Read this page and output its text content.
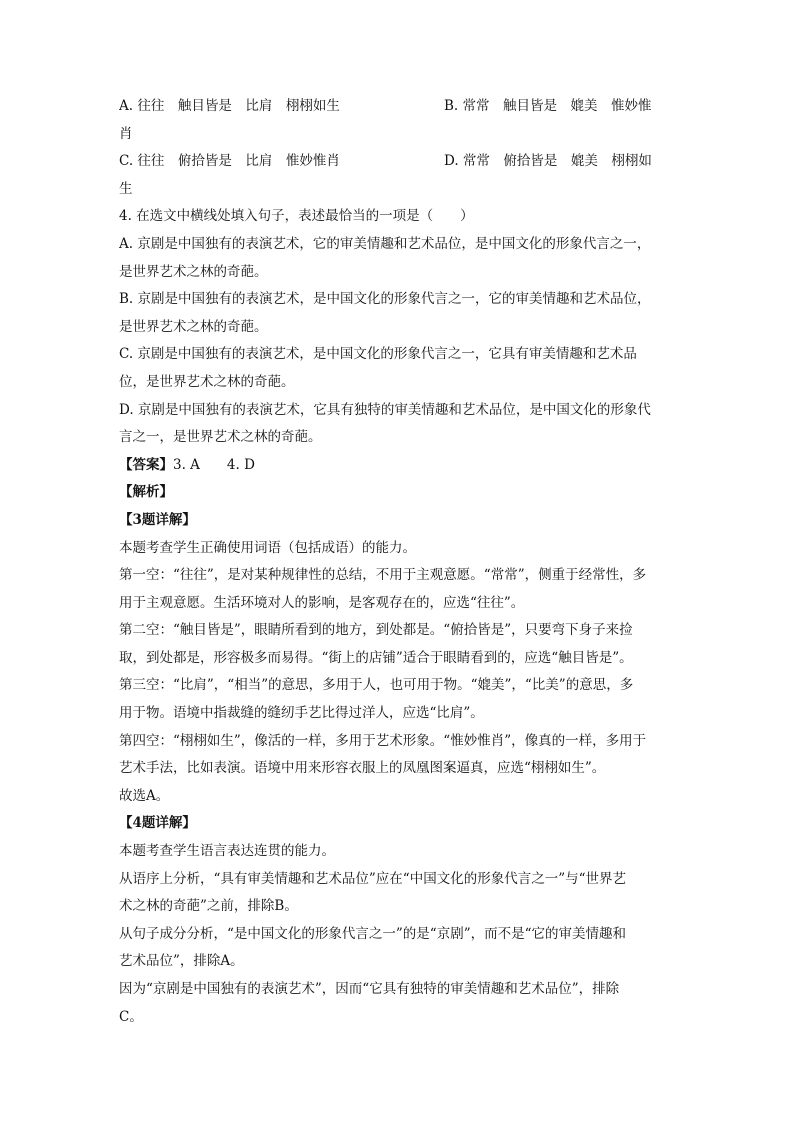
A. 往往　触目皆是　比肩　栩栩如生	B. 常常　触目皆是　媲美　惟妙惟
肖
C. 往往　俯拾皆是　比肩　惟妙惟肖	D. 常常　俯拾皆是　媲美　栩栩如
生
4. 在选文中横线处填入句子，表述最恰当的一项是（　　）
A. 京剧是中国独有的表演艺术，它的审美情趣和艺术品位，是中国文化的形象代言之一，
是世界艺术之林的奇葩。
B. 京剧是中国独有的表演艺术，是中国文化的形象代言之一，它的审美情趣和艺术品位，
是世界艺术之林的奇葩。
C. 京剧是中国独有的表演艺术，是中国文化的形象代言之一，它具有审美情趣和艺术品
位，是世界艺术之林的奇葩。
D. 京剧是中国独有的表演艺术，它具有独特的审美情趣和艺术品位，是中国文化的形象代
言之一，是世界艺术之林的奇葩。
【答案】3. A　　4. D
【解析】
【3题详解】
本题考查学生正确使用词语（包括成语）的能力。
第一空：“往往”，是对某种规律性的总结，不用于主观意愿。“常常”，侧重于经常性，多
用于主观意愿。生活环境对人的影响，是客观存在的，应选“往往”。
第二空：“触目皆是”，眼睛所看到的地方，到处都是。“俯拾皆是”，只要弯下身子来捡
取，到处都是，形容极多而易得。“街上的店铺”适合于眼睛看到的，应选“触目皆是”。
第三空：“比肩”，“相当”的意思，多用于人，也可用于物。“媲美”，“比美”的意思，多
用于物。语境中指裁缝的缝纫手艺比得过洋人，应选“比肩”。
第四空：“栩栩如生”，像活的一样，多用于艺术形象。“惟妙惟肖”，像真的一样，多用于
艺术手法，比如表演。语境中用来形容衣服上的凤凰图案逼真，应选“栩栩如生”。
故选A。
【4题详解】
本题考查学生语言表达连贯的能力。
从语序上分析，“具有审美情趣和艺术品位”应在“中国文化的形象代言之一”与“世界艺
术之林的奇葩”之前，排除B。
从句子成分分析，“是中国文化的形象代言之一”的是“京剧”，而不是“它的审美情趣和
艺术品位”，排除A。
因为“京剧是中国独有的表演艺术”，因而“它具有独特的审美情趣和艺术品位”，排除
C。
